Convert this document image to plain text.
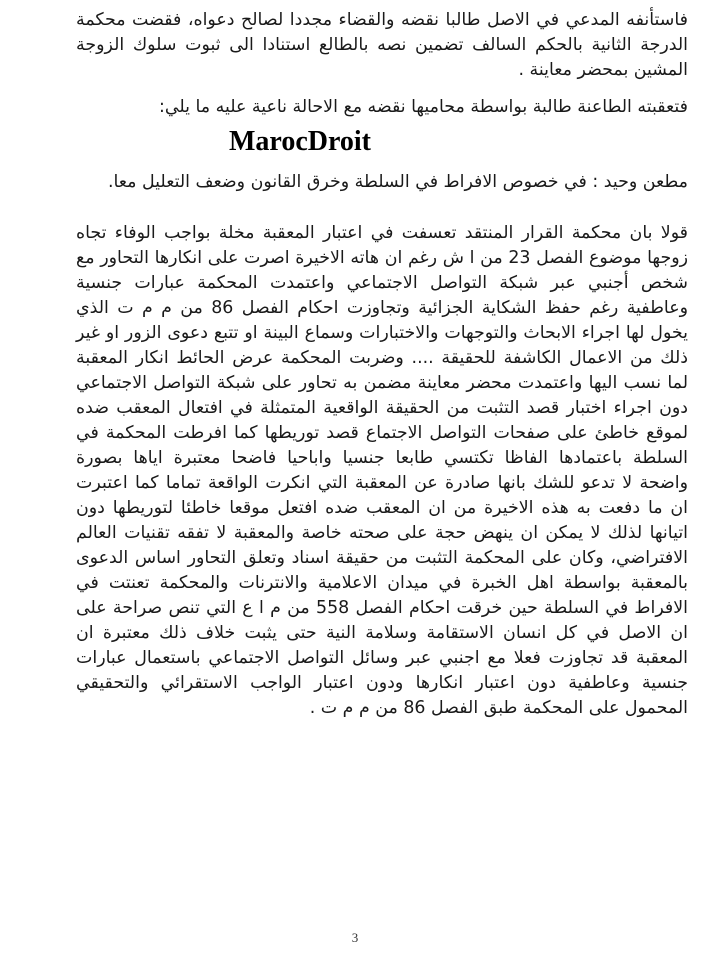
فاستأنفه المدعي في الاصل طالبا نقضه والقضاء مجددا لصالح دعواه، فقضت محكمة الدرجة الثانية بالحكم السالف تضمين نصه بالطالع استنادا الى ثبوت سلوك الزوجة المشين بمحضر معاينة .

فتعقبته الطاعنة طالبة بواسطة محاميها نقضه مع الاحالة ناعية عليه ما يلي:

MarocDroit

مطعن وحيد : في خصوص الافراط في السلطة وخرق القانون وضعف التعليل معا.

قولا بان محكمة القرار المنتقد تعسفت في اعتبار المعقبة مخلة بواجب الوفاء تجاه زوجها موضوع الفصل 23 من ا ش رغم ان هاته الاخيرة اصرت على انكارها التحاور مع شخص أجنبي عبر شبكة التواصل الاجتماعي واعتمدت المحكمة عبارات جنسية وعاطفية رغم حفظ الشكاية الجزائية وتجاوزت احكام الفصل 86 من م م ت الذي يخول لها اجراء الابحاث والتوجهات والاختبارات وسماع البينة او تتبع دعوى الزور او غير ذلك من الاعمال الكاشفة للحقيقة .... وضربت المحكمة عرض الحائط انكار المعقبة لما نسب اليها واعتمدت محضر معاينة مضمن به تحاور على شبكة التواصل الاجتماعي دون اجراء اختبار قصد التثبت من الحقيقة الواقعية المتمثلة في افتعال المعقب ضده لموقع خاطئ على صفحات التواصل الاجتماع قصد توريطها كما افرطت المحكمة في السلطة باعتمادها الفاظا تكتسي طابعا جنسيا واباحيا فاضحا معتبرة اياها بصورة واضحة لا تدعو للشك بانها صادرة عن المعقبة التي انكرت الواقعة تماما كما اعتبرت ان ما دفعت به هذه الاخيرة من ان المعقب ضده افتعل موقعا خاطئا لتوريطها دون اتيانها لذلك لا يمكن ان ينهض حجة على صحته خاصة والمعقبة لا تفقه تقنيات العالم الافتراضي، وكان على المحكمة التثبت من حقيقة اسناد وتعلق التحاور اساس الدعوى بالمعقبة بواسطة اهل الخبرة في ميدان الاعلامية والانترنات والمحكمة تعنتت في الافراط في السلطة حين خرقت احكام الفصل 558 من م ا ع التي تنص صراحة على ان الاصل في كل انسان الاستقامة وسلامة النية حتى يثبت خلاف ذلك معتبرة ان المعقبة قد تجاوزت فعلا مع اجنبي عبر وسائل التواصل الاجتماعي باستعمال عبارات جنسية وعاطفية دون اعتبار انكارها ودون اعتبار الواجب الاستقرائي والتحقيقي المحمول على المحكمة طبق الفصل 86 من م م ت .

3
